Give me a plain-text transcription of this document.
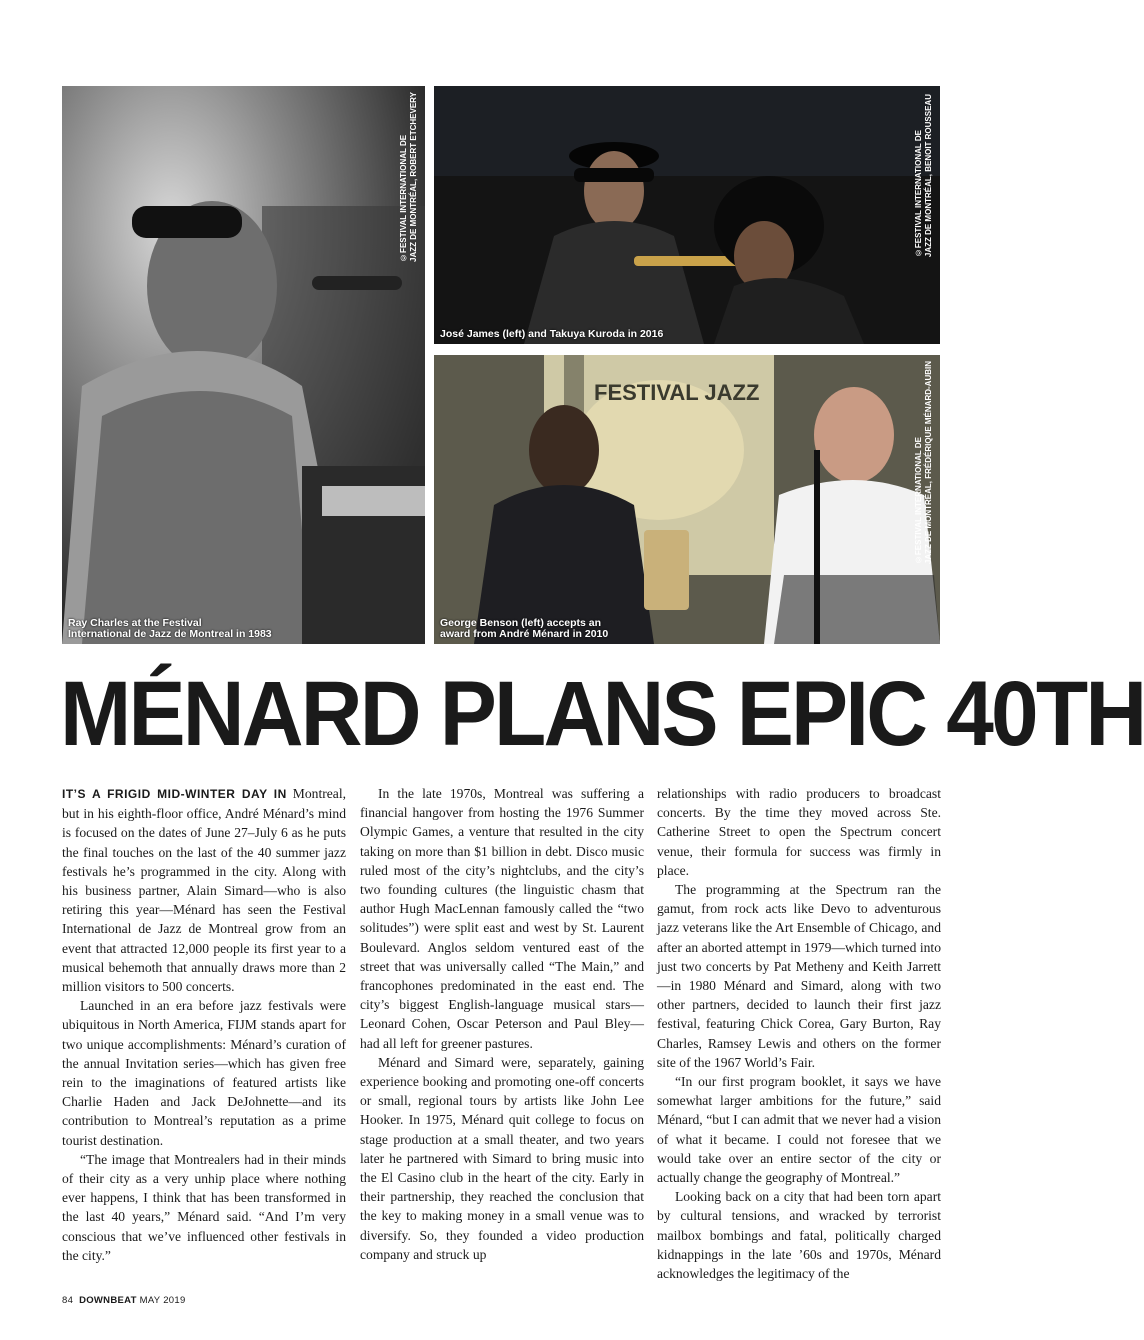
Ray Charles at the Festival
International de Jazz de Montreal in 1983
©FESTIVAL INTERNATIONAL DE JAZZ DE MONTRÉAL, ROBERT ETCHEVERY
José James (left) and Takuya Kuroda in 2016
©FESTIVAL INTERNATIONAL DE JAZZ DE MONTRÉAL, BENOIT ROUSSEAU
FESTIVAL JAZZ
George Benson (left) accepts an
award from André Ménard in 2010
©FESTIVAL INTERNATIONAL DE JAZZ DE MONTRÉAL, FRÉDÉRIQUE MÉNARD-AUBIN
MÉNARD PLANS EPIC 40TH

IT’S A FRIGID MID-WINTER DAY IN Montreal, but in his eighth-floor office, André Ménard’s mind is focused on the dates of June 27–July 6 as he puts the final touches on the last of the 40 summer jazz festivals he’s programmed in the city. Along with his business partner, Alain Simard—who is also retiring this year—Ménard has seen the Festival International de Jazz de Montreal grow from an event that attracted 12,000 people its first year to a musical behemoth that annually draws more than 2 million visitors to 500 concerts.

Launched in an era before jazz festivals were ubiquitous in North America, FIJM stands apart for two unique accomplishments: Ménard’s curation of the annual Invitation series—which has given free rein to the imaginations of featured artists like Charlie Haden and Jack DeJohnette—and its contribution to Montreal’s reputation as a prime tourist destination.

“The image that Montrealers had in their minds of their city as a very unhip place where nothing ever happens, I think that has been transformed in the last 40 years,” Ménard said. “And I’m very conscious that we’ve influenced other festivals in the city.”

In the late 1970s, Montreal was suffering a financial hangover from hosting the 1976 Summer Olympic Games, a venture that resulted in the city taking on more than $1 billion in debt. Disco music ruled most of the city’s nightclubs, and the city’s two founding cultures (the linguistic chasm that author Hugh MacLennan famously called the “two solitudes”) were split east and west by St. Laurent Boulevard. Anglos seldom ventured east of the street that was universally called “The Main,” and francophones predominated in the east end. The city’s biggest English-language musical stars—Leonard Cohen, Oscar Peterson and Paul Bley—had all left for greener pastures.

Ménard and Simard were, separately, gaining experience booking and promoting one-off concerts or small, regional tours by artists like John Lee Hooker. In 1975, Ménard quit college to focus on stage production at a small theater, and two years later he partnered with Simard to bring music into the El Casino club in the heart of the city. Early in their partnership, they reached the conclusion that the key to making money in a small venue was to diversify. So, they founded a video production company and struck up

relationships with radio producers to broadcast concerts. By the time they moved across Ste. Catherine Street to open the Spectrum concert venue, their formula for success was firmly in place.

The programming at the Spectrum ran the gamut, from rock acts like Devo to adventurous jazz veterans like the Art Ensemble of Chicago, and after an aborted attempt in 1979—which turned into just two concerts by Pat Metheny and Keith Jarrett—in 1980 Ménard and Simard, along with two other partners, decided to launch their first jazz festival, featuring Chick Corea, Gary Burton, Ray Charles, Ramsey Lewis and others on the former site of the 1967 World’s Fair.

“In our first program booklet, it says we have somewhat larger ambitions for the future,” said Ménard, “but I can admit that we never had a vision of what it became. I could not foresee that we would take over an entire sector of the city or actually change the geography of Montreal.”

Looking back on a city that had been torn apart by cultural tensions, and wracked by terrorist mailbox bombings and fatal, politically charged kidnappings in the late ’60s and 1970s, Ménard acknowledges the legitimacy of the

84 DOWNBEAT MAY 2019
